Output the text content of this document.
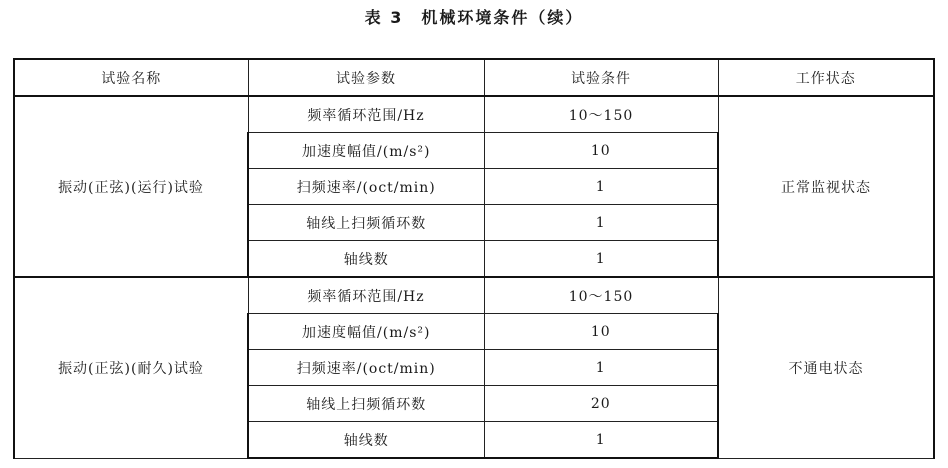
表 3　机械环境条件（续）
试验名称	试验参数	试验条件	工作状态
振动(正弦)(运行)试验	频率循环范围/Hz	10～150	正常监视状态
	加速度幅值/(m/s²)	10	
	扫频速率/(oct/min)	1	
	轴线上扫频循环数	1	
	轴线数	1	
振动(正弦)(耐久)试验	频率循环范围/Hz	10～150	不通电状态
	加速度幅值/(m/s²)	10	
	扫频速率/(oct/min)	1	
	轴线上扫频循环数	20	
	轴线数	1	
